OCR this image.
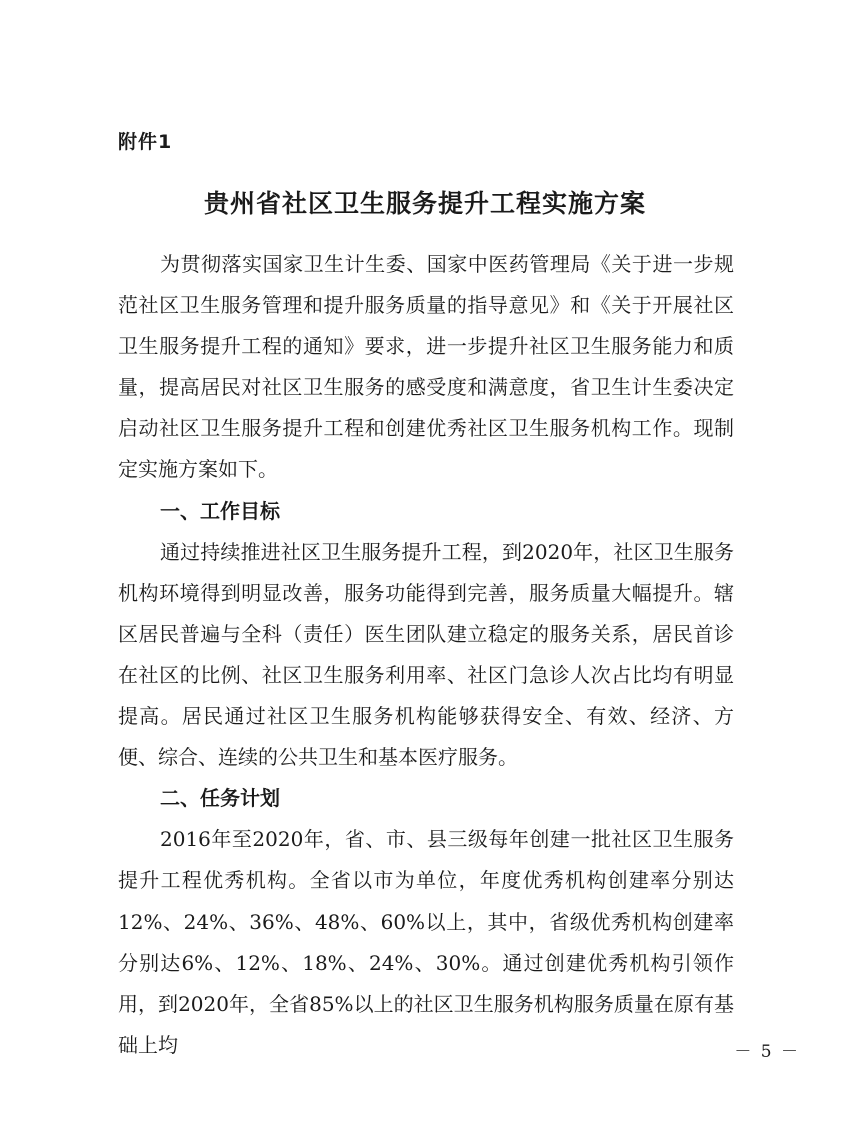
附件1
贵州省社区卫生服务提升工程实施方案

为贯彻落实国家卫生计生委、国家中医药管理局《关于进一步规范社区卫生服务管理和提升服务质量的指导意见》和《关于开展社区卫生服务提升工程的通知》要求，进一步提升社区卫生服务能力和质量，提高居民对社区卫生服务的感受度和满意度，省卫生计生委决定启动社区卫生服务提升工程和创建优秀社区卫生服务机构工作。现制定实施方案如下。

一、工作目标

通过持续推进社区卫生服务提升工程，到2020年，社区卫生服务机构环境得到明显改善，服务功能得到完善，服务质量大幅提升。辖区居民普遍与全科（责任）医生团队建立稳定的服务关系，居民首诊在社区的比例、社区卫生服务利用率、社区门急诊人次占比均有明显提高。居民通过社区卫生服务机构能够获得安全、有效、经济、方便、综合、连续的公共卫生和基本医疗服务。

二、任务计划

2016年至2020年，省、市、县三级每年创建一批社区卫生服务提升工程优秀机构。全省以市为单位，年度优秀机构创建率分别达12%、24%、36%、48%、60%以上，其中，省级优秀机构创建率分别达6%、12%、18%、24%、30%。通过创建优秀机构引领作用，到2020年，全省85%以上的社区卫生服务机构服务质量在原有基础上均	－ 5 －
